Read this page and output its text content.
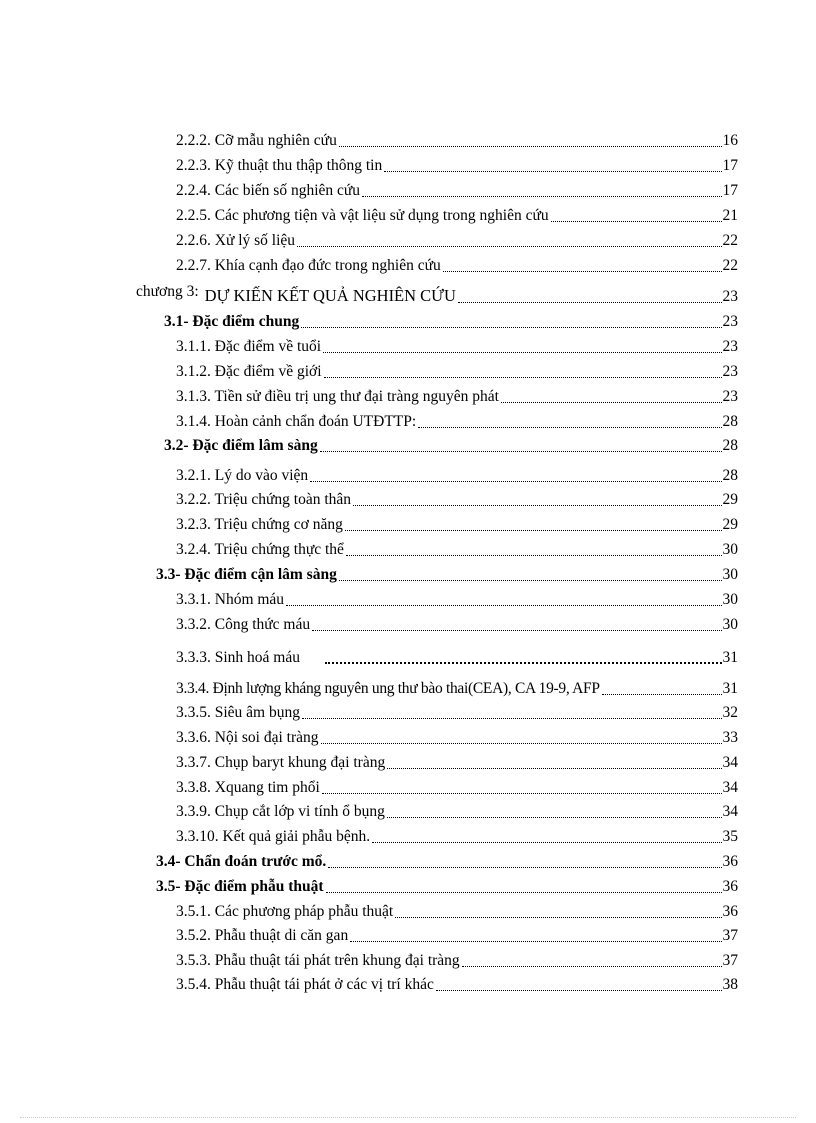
2.2.2. Cỡ mẫu nghiên cứu	16
2.2.3. Kỹ thuật thu thập thông tin	17
2.2.4. Các biến số nghiên cứu	17
2.2.5. Các phương tiện và vật liệu sử dụng trong nghiên cứu	21
2.2.6. Xử lý số liệu	22
2.2.7. Khía cạnh đạo đức trong nghiên cứu	22
chương 3: DỰ KIẾN KẾT QUẢ NGHIÊN CỨU	23
3.1- Đặc điểm chung	23
3.1.1. Đặc điểm về tuổi	23
3.1.2. Đặc điểm về giới	23
3.1.3. Tiền sử điều trị ung thư đại tràng nguyên phát	23
3.1.4. Hoàn cảnh chẩn đoán UTĐTTP:	28
3.2- Đặc điểm lâm sàng	28
3.2.1. Lý do vào viện	28
3.2.2. Triệu chứng toàn thân	29
3.2.3. Triệu chứng cơ năng	29
3.2.4. Triệu chứng thực thể	30
3.3- Đặc điểm cận lâm sàng	30
3.3.1. Nhóm máu	30
3.3.2. Công thức máu	30
3.3.3. Sinh hoá máu	31
3.3.4. Định lượng kháng nguyên ung thư bào thai(CEA), CA 19-9, AFP	31
3.3.5. Siêu âm bụng	32
3.3.6. Nội soi đại tràng	33
3.3.7. Chụp baryt khung đại tràng	34
3.3.8. Xquang tim phổi	34
3.3.9. Chụp cắt lớp vi tính ổ bụng	34
3.3.10. Kết quả giải phẫu bệnh.	35
3.4- Chẩn đoán trước mổ.	36
3.5- Đặc điểm phẫu thuật	36
3.5.1. Các phương pháp phẫu thuật	36
3.5.2. Phẫu thuật di căn gan	37
3.5.3. Phẫu thuật tái phát trên khung đại tràng	37
3.5.4. Phẫu thuật tái phát ở các vị trí khác	38
